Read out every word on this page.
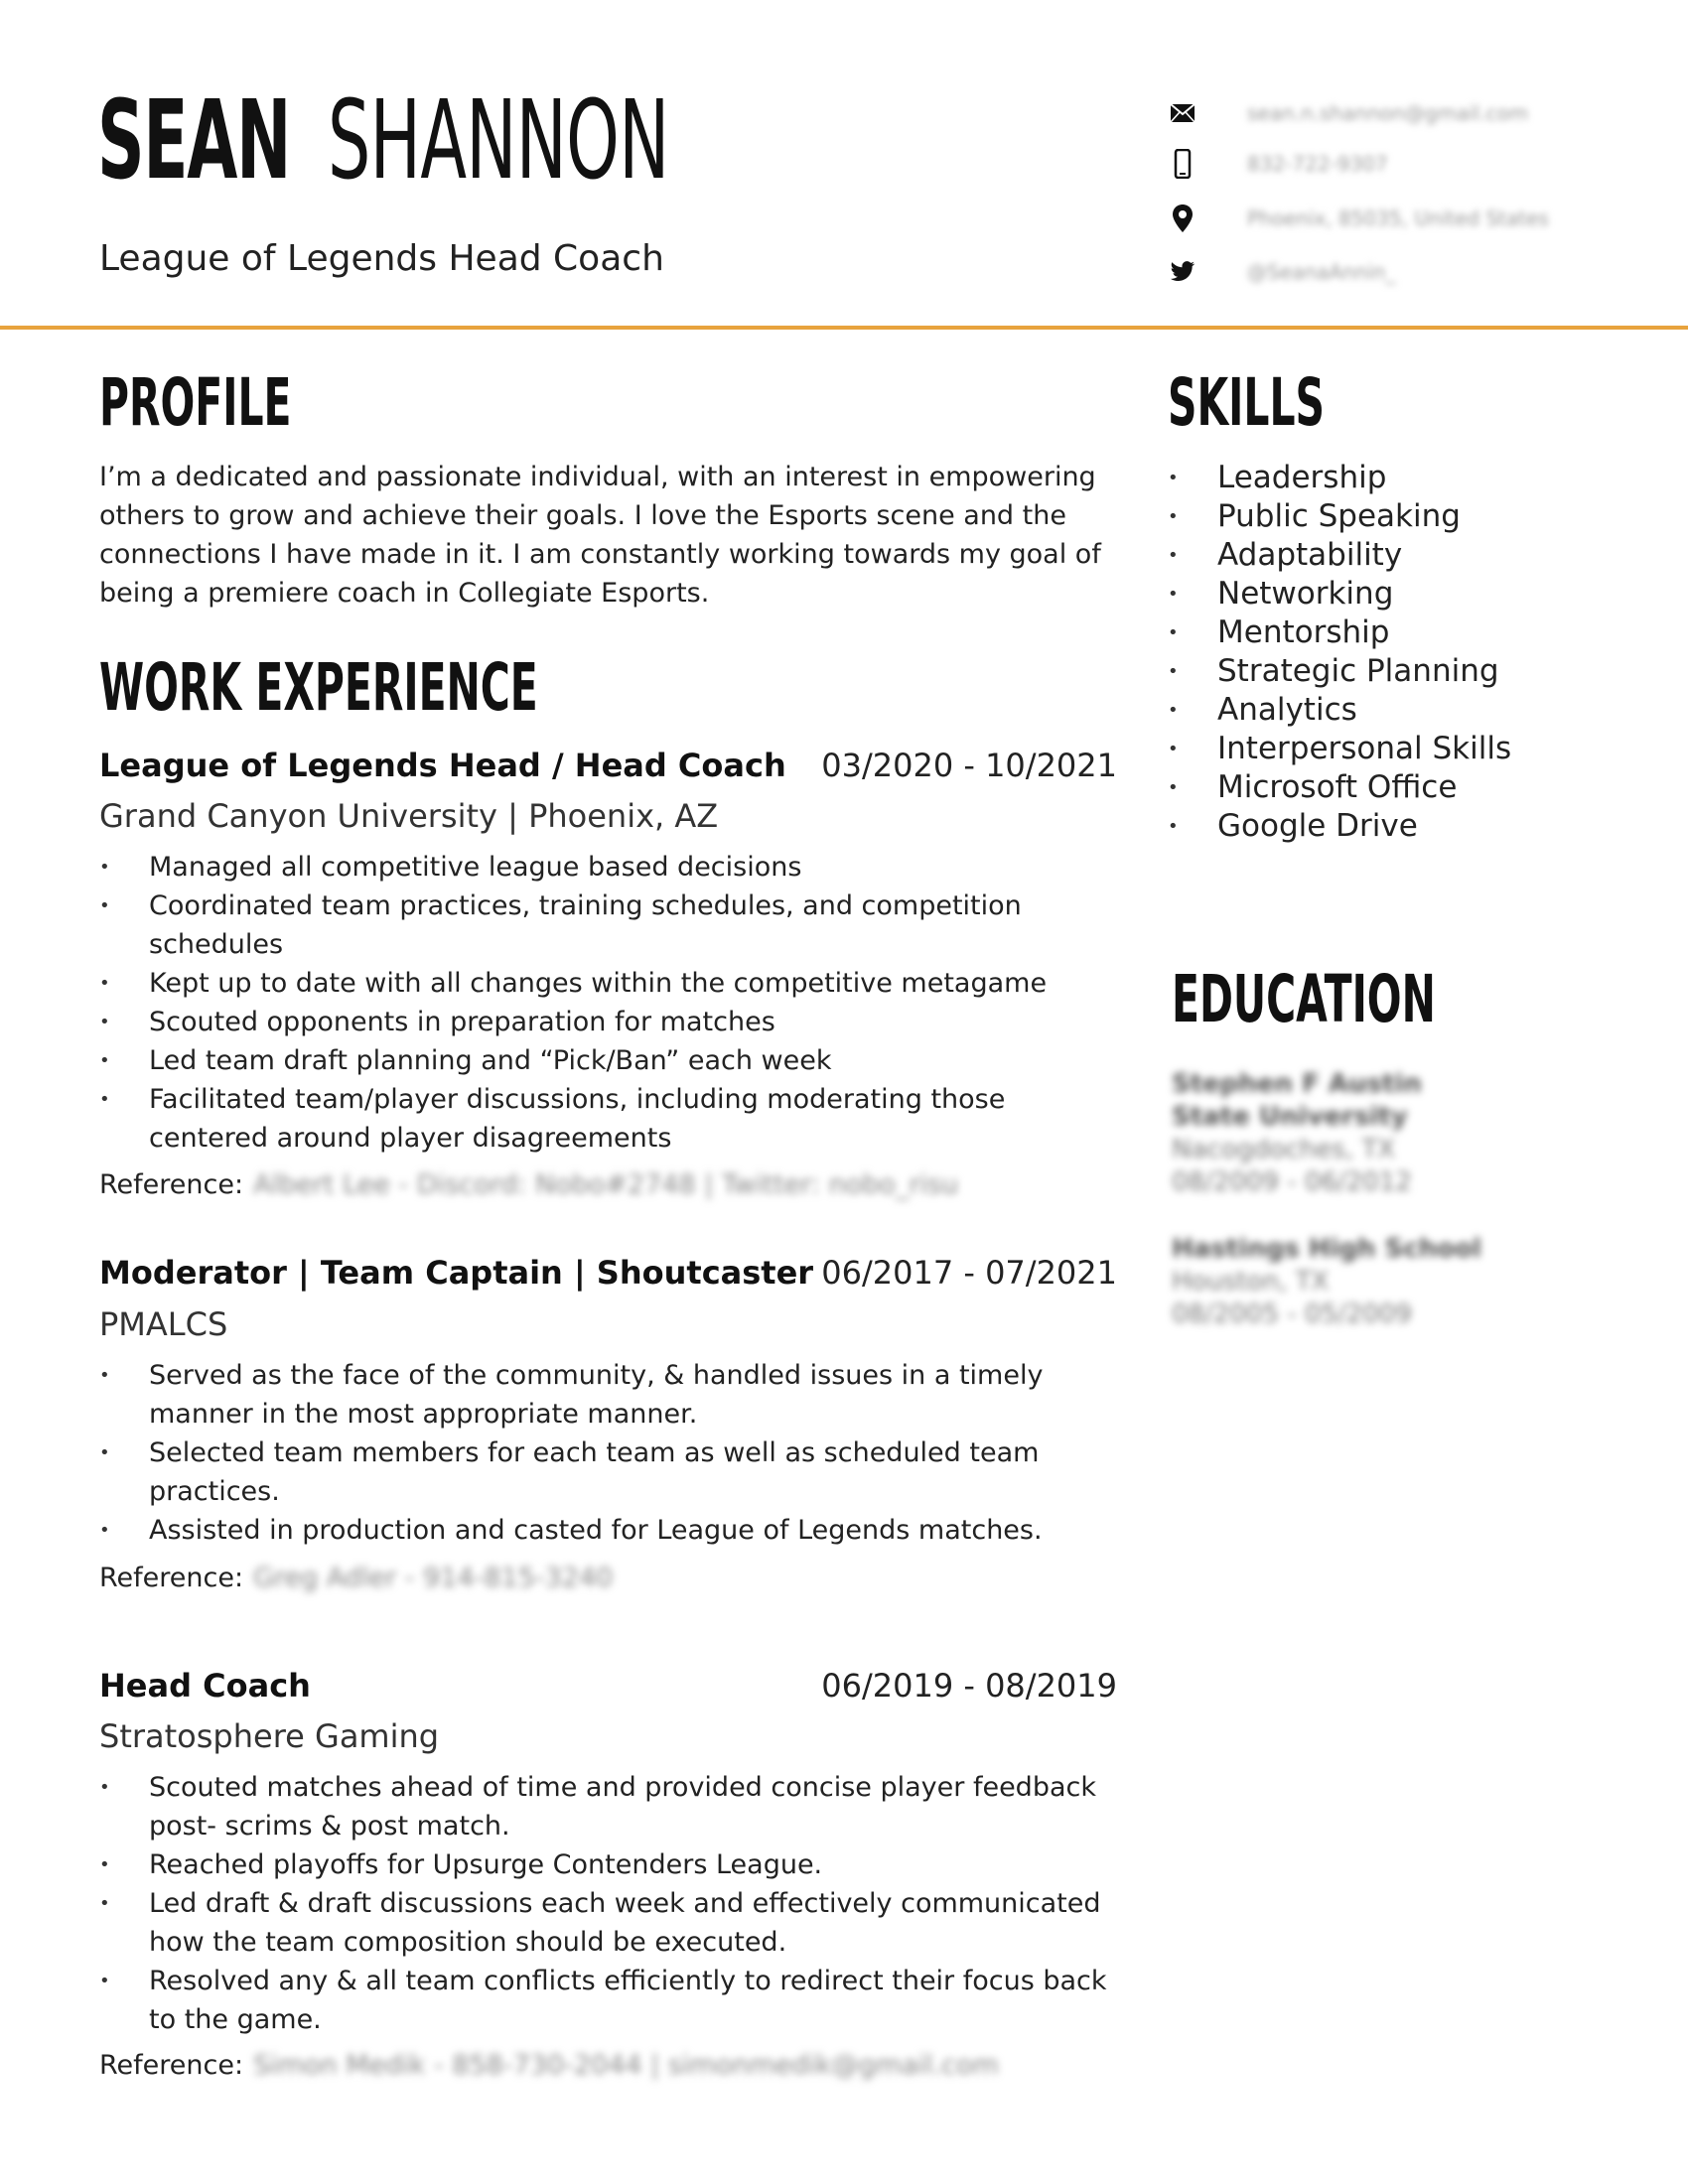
SEAN SHANNON
League of Legends Head Coach
sean.n.shannon@gmail.com
832-722-9307
Phoenix, 85035, United States
@SeanaAnnin_
PROFILE
I’m a dedicated and passionate individual, with an interest in empowering others to grow and achieve their goals. I love the Esports scene and the connections I have made in it. I am constantly working towards my goal of being a premiere coach in Collegiate Esports.
WORK EXPERIENCE
League of Legends Head / Head Coach	03/2020 - 10/2021
Grand Canyon University | Phoenix, AZ
• Managed all competitive league based decisions
• Coordinated team practices, training schedules, and competition schedules
• Kept up to date with all changes within the competitive metagame
• Scouted opponents in preparation for matches
• Led team draft planning and “Pick/Ban” each week
• Facilitated team/player discussions, including moderating those centered around player disagreements
Reference: Albert Lee - Discord: Nobo#2748 | Twitter: nobo_risu
Moderator | Team Captain | Shoutcaster 06/2017 - 07/2021
PMALCS
• Served as the face of the community, & handled issues in a timely manner in the most appropriate manner.
• Selected team members for each team as well as scheduled team practices.
• Assisted in production and casted for League of Legends matches.
Reference: Greg Adler - 914-815-3240
Head Coach	06/2019 - 08/2019
Stratosphere Gaming
• Scouted matches ahead of time and provided concise player feedback post- scrims & post match.
• Reached playoffs for Upsurge Contenders League.
• Led draft & draft discussions each week and effectively communicated how the team composition should be executed.
• Resolved any & all team conflicts efficiently to redirect their focus back to the game.
Reference: Simon Medik - 858-730-2044 | simonmedik@gmail.com
SKILLS
• Leadership
• Public Speaking
• Adaptability
• Networking
• Mentorship
• Strategic Planning
• Analytics
• Interpersonal Skills
• Microsoft Office
• Google Drive
EDUCATION
Stephen F Austin
State University
Nacogdoches, TX
08/2009 - 06/2012
Hastings High School
Houston, TX
08/2005 - 05/2009
